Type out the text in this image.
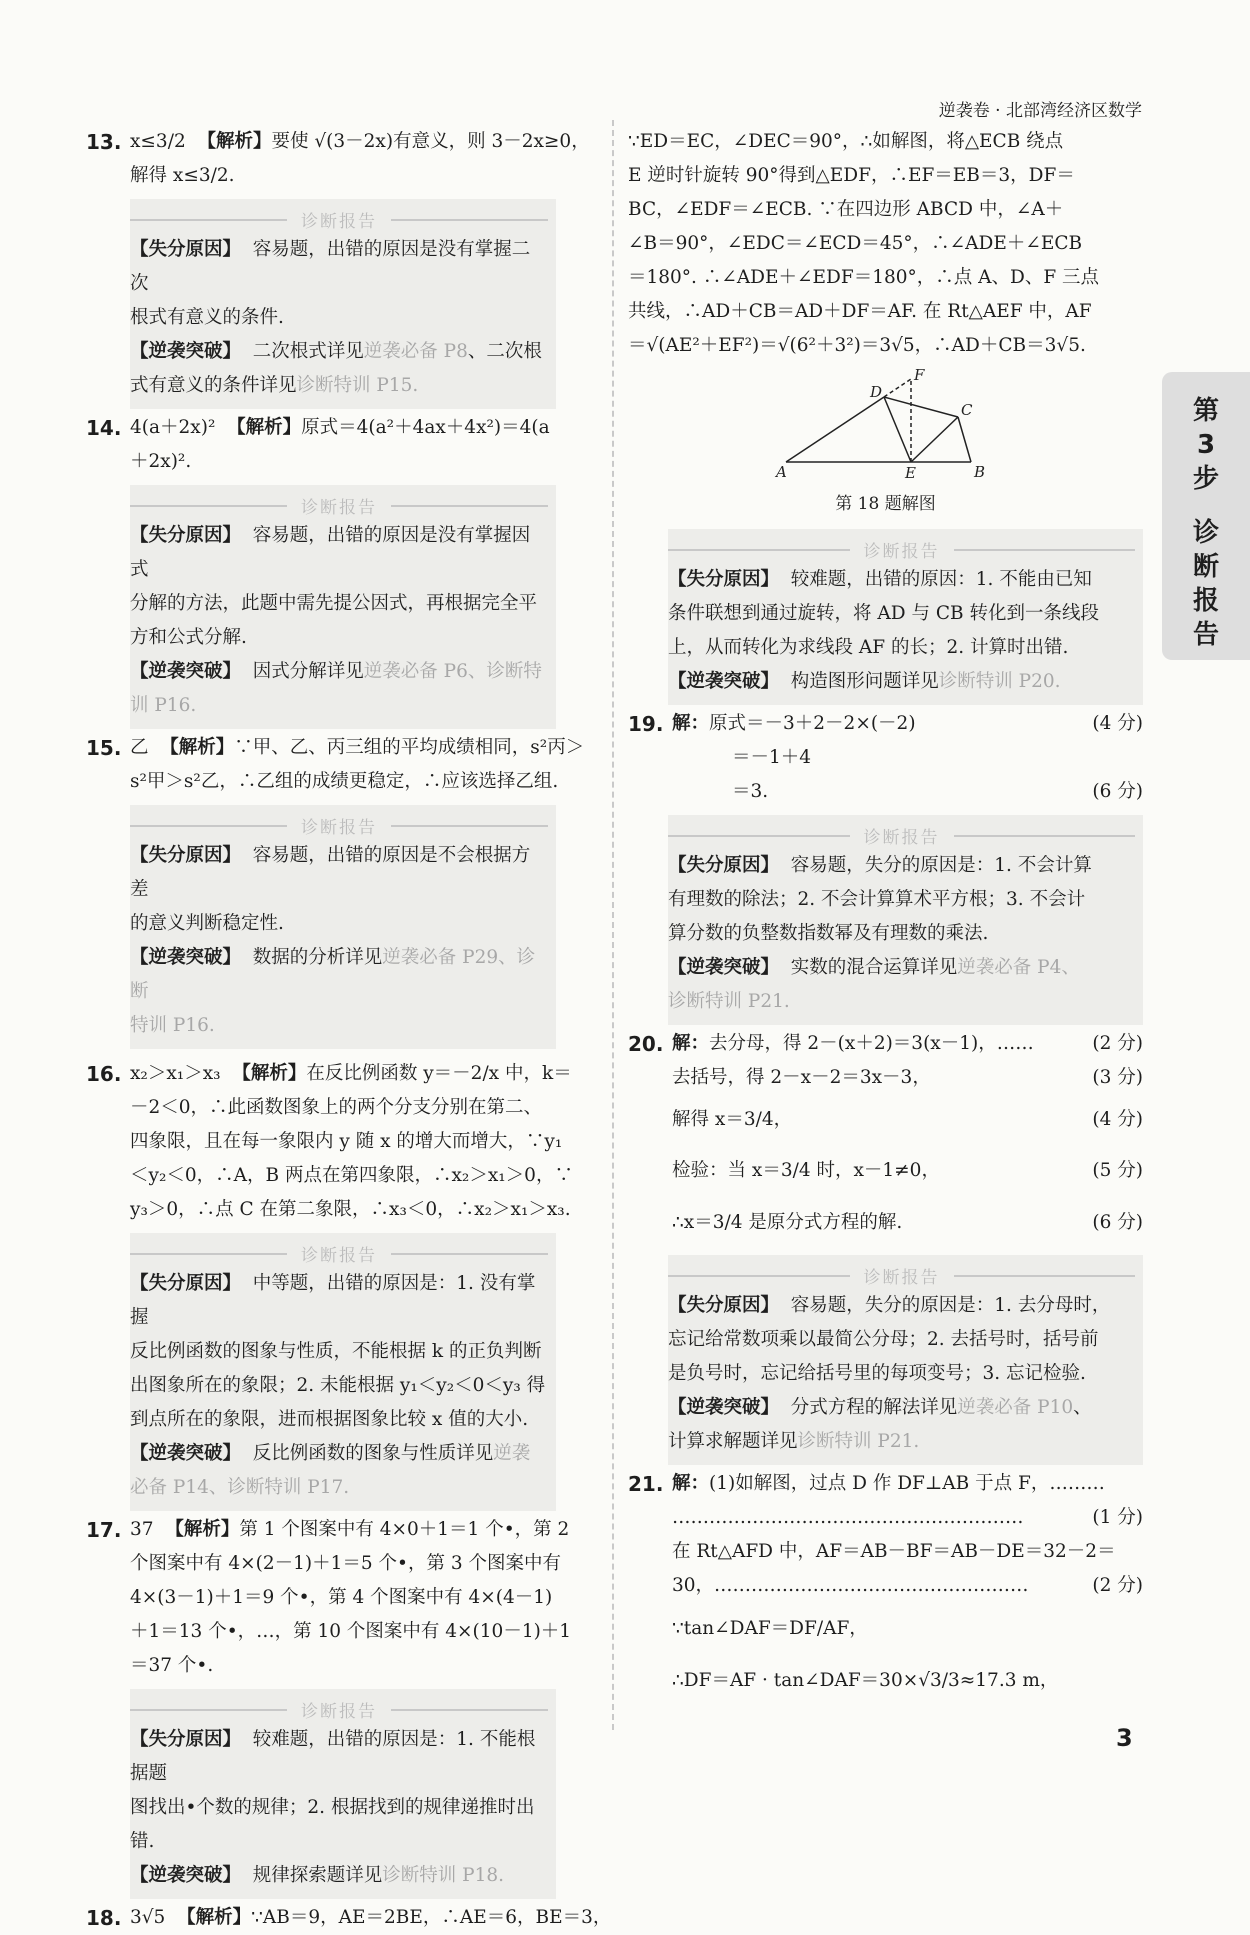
逆袭卷 · 北部湾经济区数学
第3步
诊断报告
13. x≤3/2 【解析】要使 √(3－2x)有意义，则 3－2x≥0，
解得 x≤3/2.
诊断报告
【失分原因】 容易题，出错的原因是没有掌握二次
根式有意义的条件.
【逆袭突破】 二次根式详见逆袭必备 P8、二次根
式有意义的条件详见诊断特训 P15.
14. 4(a＋2x)² 【解析】原式＝4(a²＋4ax＋4x²)＝4(a
＋2x)².
诊断报告
【失分原因】 容易题，出错的原因是没有掌握因式
分解的方法，此题中需先提公因式，再根据完全平
方和公式分解.
【逆袭突破】 因式分解详见逆袭必备 P6、诊断特
训 P16.
15. 乙 【解析】∵甲、乙、丙三组的平均成绩相同，s²丙＞
s²甲＞s²乙，∴乙组的成绩更稳定，∴应该选择乙组.
诊断报告
【失分原因】 容易题，出错的原因是不会根据方差
的意义判断稳定性.
【逆袭突破】 数据的分析详见逆袭必备 P29、诊断
特训 P16.
16. x₂＞x₁＞x₃ 【解析】在反比例函数 y＝－2/x 中，k＝
－2＜0，∴此函数图象上的两个分支分别在第二、
四象限，且在每一象限内 y 随 x 的增大而增大，∵y₁
＜y₂＜0，∴A，B 两点在第四象限，∴x₂＞x₁＞0，∵
y₃＞0，∴点 C 在第二象限，∴x₃＜0，∴x₂＞x₁＞x₃.
诊断报告
【失分原因】 中等题，出错的原因是：1. 没有掌握
反比例函数的图象与性质，不能根据 k 的正负判断
出图象所在的象限；2. 未能根据 y₁＜y₂＜0＜y₃ 得
到点所在的象限，进而根据图象比较 x 值的大小.
【逆袭突破】 反比例函数的图象与性质详见逆袭
必备 P14、诊断特训 P17.
17. 37 【解析】第 1 个图案中有 4×0＋1＝1 个•，第 2
个图案中有 4×(2－1)＋1＝5 个•，第 3 个图案中有
4×(3－1)＋1＝9 个•，第 4 个图案中有 4×(4－1)
＋1＝13 个•，…，第 10 个图案中有 4×(10－1)＋1
＝37 个•.
诊断报告
【失分原因】 较难题，出错的原因是：1. 不能根据题
图找出•个数的规律；2. 根据找到的规律递推时出错.
【逆袭突破】 规律探索题详见诊断特训 P18.
18. 3√5 【解析】∵AB＝9，AE＝2BE，∴AE＝6，BE＝3，
∵ED＝EC，∠DEC＝90°，∴如解图，将△ECB 绕点
E 逆时针旋转 90°得到△EDF，∴EF＝EB＝3，DF＝
BC，∠EDF＝∠ECB. ∵在四边形 ABCD 中，∠A＋
∠B＝90°，∠EDC＝∠ECD＝45°，∴∠ADE＋∠ECB
＝180°. ∴∠ADE＋∠EDF＝180°，∴点 A、D、F 三点
共线，∴AD＋CB＝AD＋DF＝AF. 在 Rt△AEF 中，AF
＝√(AE²＋EF²)＝√(6²＋3²)＝3√5，∴AD＋CB＝3√5.
A	B
C
D
E
F
第 18 题解图
诊断报告
【失分原因】 较难题，出错的原因：1. 不能由已知
条件联想到通过旋转，将 AD 与 CB 转化到一条线段
上，从而转化为求线段 AF 的长；2. 计算时出错.
【逆袭突破】 构造图形问题详见诊断特训 P20.
19. 解：原式＝－3＋2－2×(－2)	(4 分)
＝－1＋4
＝3.	(6 分)
诊断报告
【失分原因】 容易题，失分的原因是：1. 不会计算
有理数的除法；2. 不会计算算术平方根；3. 不会计
算分数的负整数指数幂及有理数的乘法.
【逆袭突破】 实数的混合运算详见逆袭必备 P4、
诊断特训 P21.
20. 解：去分母，得 2－(x＋2)＝3(x－1)，……	(2 分)
去括号，得 2－x－2＝3x－3，	(3 分)
解得 x＝3/4，	(4 分)
检验：当 x＝3/4 时，x－1≠0，	(5 分)
∴x＝3/4 是原分式方程的解.	(6 分)
诊断报告
【失分原因】 容易题，失分的原因是：1. 去分母时，
忘记给常数项乘以最简公分母；2. 去括号时，括号前
是负号时，忘记给括号里的每项变号；3. 忘记检验.
【逆袭突破】 分式方程的解法详见逆袭必备 P10、
计算求解题详见诊断特训 P21.
21. 解：(1)如解图，过点 D 作 DF⊥AB 于点 F，………
…………………………………………………	(1 分)
在 Rt△AFD 中，AF＝AB－BF＝AB－DE＝32－2＝
30，……………………………………………	(2 分)
∵tan∠DAF＝DF/AF，
∴DF＝AF · tan∠DAF＝30×√3/3≈17.3 m，
3
